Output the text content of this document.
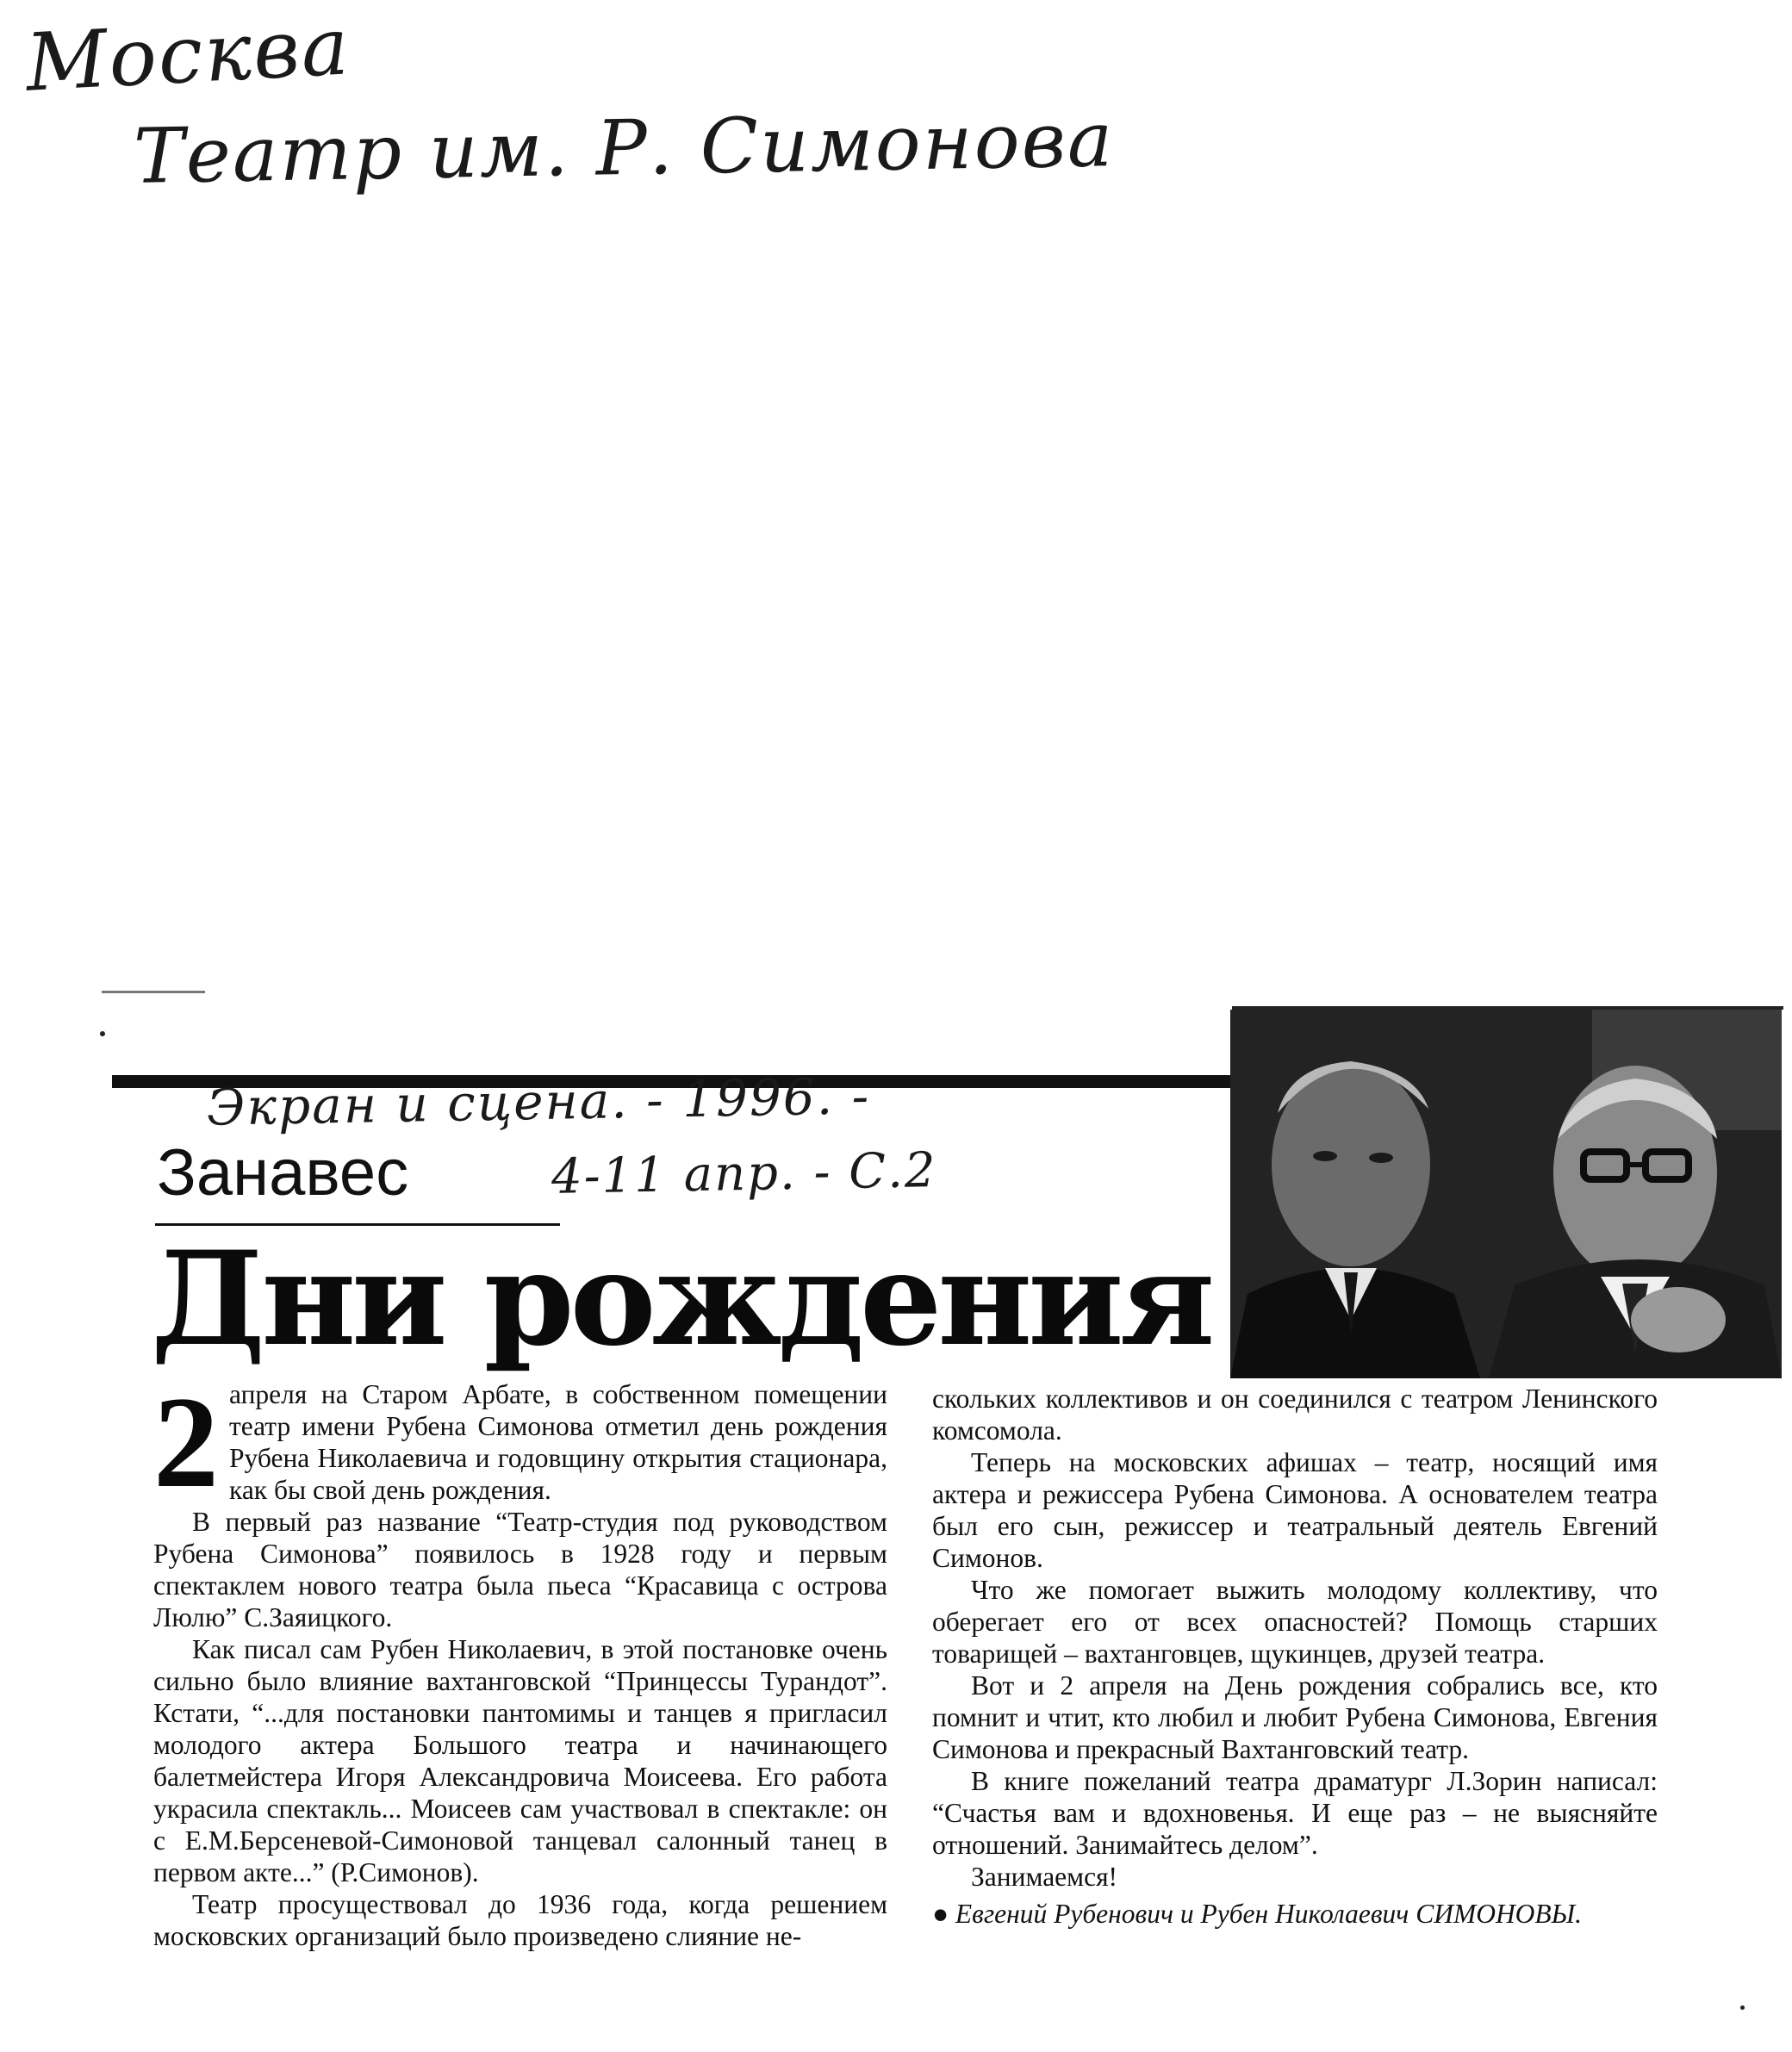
Москва
Театр им. Р. Симонова
Экран и сцена. - 1996. -
4-11 апр. - С.2
Занавес
Дни рождения

2 апреля на Старом Арбате, в собственном помещении театр имени Рубена Симонова отметил день рождения Рубена Николаевича и годовщину открытия стационара, как бы свой день рождения.

В первый раз название “Театр-студия под руководством Рубена Симонова” появилось в 1928 году и первым спектаклем нового театра была пьеса “Красавица с острова Люлю” С.Заяицкого.

Как писал сам Рубен Николаевич, в этой постановке очень сильно было влияние вахтанговской “Принцессы Турандот”. Кстати, “...для постановки пантомимы и танцев я пригласил молодого актера Большого театра и начинающего балетмейстера Игоря Александровича Моисеева. Его работа украсила спектакль... Моисеев сам участвовал в спектакле: он с Е.М.Берсеневой-Симоновой танцевал салонный танец в первом акте...” (Р.Симонов).

Театр просуществовал до 1936 года, когда решением московских организаций было произведено слияние не-

скольких коллективов и он соединился с театром Ленинского комсомола.

Теперь на московских афишах – театр, носящий имя актера и режиссера Рубена Симонова. А основателем театра был его сын, режиссер и театральный деятель Евгений Симонов.

Что же помогает выжить молодому коллективу, что оберегает его от всех опасностей? Помощь старших товарищей – вахтанговцев, щукинцев, друзей театра.

Вот и 2 апреля на День рождения собрались все, кто помнит и чтит, кто любил и любит Рубена Симонова, Евгения Симонова и прекрасный Вахтанговский театр.

В книге пожеланий театра драматург Л.Зорин написал: “Счастья вам и вдохновенья. И еще раз – не выясняйте отношений. Занимайтесь делом”.

Занимаемся!

● Евгений Рубенович и Рубен Николаевич СИМОНОВЫ.
